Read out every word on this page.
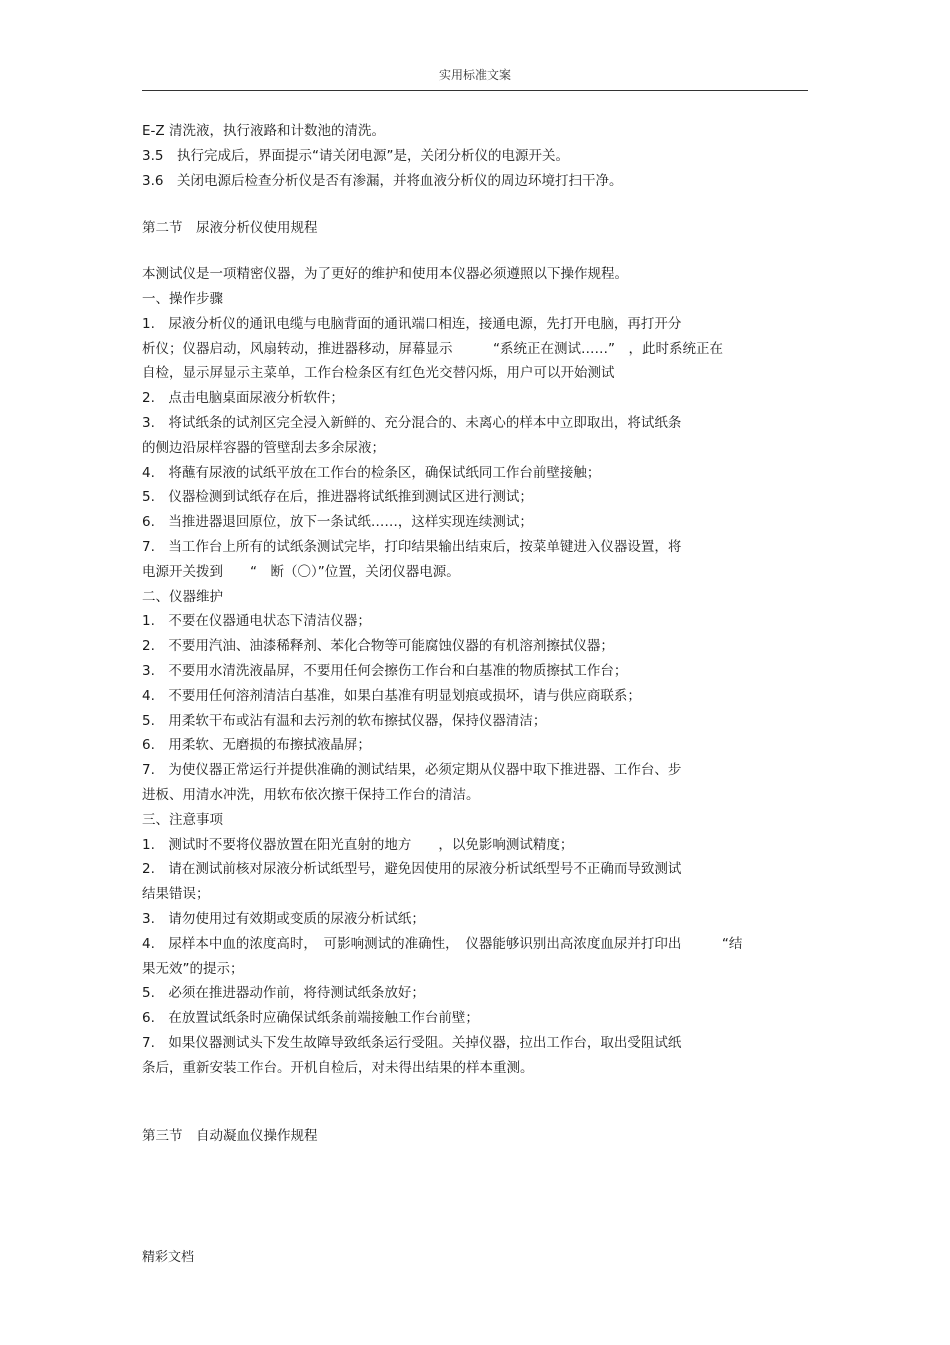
实用标准文案
E-Z 清洗液，执行液路和计数池的清洗。
3.5　执行完成后，界面提示“请关闭电源”是，关闭分析仪的电源开关。
3.6　关闭电源后检查分析仪是否有渗漏，并将血液分析仪的周边环境打扫干净。
第二节　尿液分析仪使用规程
本测试仪是一项精密仪器，为了更好的维护和使用本仪器必须遵照以下操作规程。
一、操作步骤
1.　尿液分析仪的通讯电缆与电脑背面的通讯端口相连，接通电源，先打开电脑，再打开分
析仪；仪器启动，风扇转动，推进器移动，屏幕显示　　　“系统正在测试……”　，此时系统正在
自检，显示屏显示主菜单，工作台检条区有红色光交替闪烁，用户可以开始测试
2.　点击电脑桌面尿液分析软件；
3.　将试纸条的试剂区完全浸入新鲜的、充分混合的、未离心的样本中立即取出，将试纸条
的侧边沿尿样容器的管壁刮去多余尿液；
4.　将蘸有尿液的试纸平放在工作台的检条区，确保试纸同工作台前壁接触；
5.　仪器检测到试纸存在后，推进器将试纸推到测试区进行测试；
6.　当推进器退回原位，放下一条试纸……，这样实现连续测试；
7.　当工作台上所有的试纸条测试完毕，打印结果输出结束后，按菜单键进入仪器设置，将
电源开关拨到　　“　断（〇）”位置，关闭仪器电源。
二、仪器维护
1.　不要在仪器通电状态下清洁仪器；
2.　不要用汽油、油漆稀释剂、苯化合物等可能腐蚀仪器的有机溶剂擦拭仪器；
3.　不要用水清洗液晶屏，不要用任何会擦伤工作台和白基准的物质擦拭工作台；
4.　不要用任何溶剂清洁白基准，如果白基准有明显划痕或损坏，请与供应商联系；
5.　用柔软干布或沾有温和去污剂的软布擦拭仪器，保持仪器清洁；
6.　用柔软、无磨损的布擦拭液晶屏；
7.　为使仪器正常运行并提供准确的测试结果，必须定期从仪器中取下推进器、工作台、步
进板、用清水冲洗，用软布依次擦干保持工作台的清洁。
三、注意事项
1.　测试时不要将仪器放置在阳光直射的地方　　，以免影响测试精度；
2.　请在测试前核对尿液分析试纸型号，避免因使用的尿液分析试纸型号不正确而导致测试
结果错误；
3.　请勿使用过有效期或变质的尿液分析试纸；
4.　尿样本中血的浓度高时，　可影响测试的准确性，　仪器能够识别出高浓度血尿并打印出　　　“结
果无效”的提示；
5.　必须在推进器动作前，将待测试纸条放好；
6.　在放置试纸条时应确保试纸条前端接触工作台前壁；
7.　如果仪器测试头下发生故障导致纸条运行受阻。关掉仪器，拉出工作台，取出受阻试纸
条后，重新安装工作台。开机自检后，对未得出结果的样本重测。
第三节　自动凝血仪操作规程
精彩文档
